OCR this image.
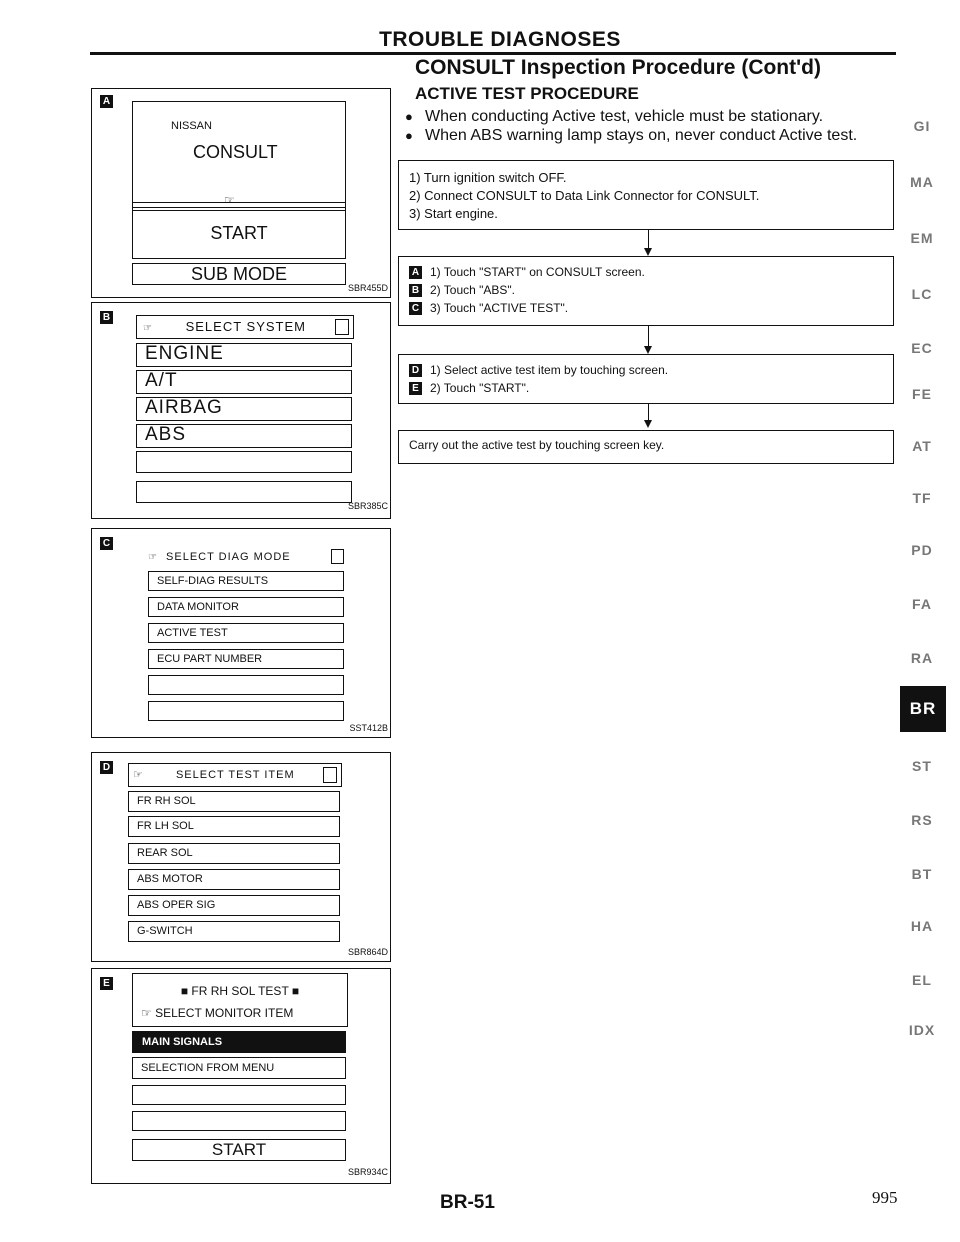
TROUBLE DIAGNOSES
CONSULT Inspection Procedure (Cont'd)
ACTIVE TEST PROCEDURE
● When conducting Active test, vehicle must be stationary.
● When ABS warning lamp stays on, never conduct Active test.
A
NISSAN
CONSULT
☞
START
SUB MODE
SBR455D
B
☞	SELECT SYSTEM
ENGINE
A/T
AIRBAG
ABS
SBR385C
C
☞ SELECT DIAG MODE
SELF-DIAG RESULTS
DATA MONITOR
ACTIVE TEST
ECU PART NUMBER
SST412B
D
☞	SELECT TEST ITEM
FR RH SOL
FR LH SOL
REAR SOL
ABS MOTOR
ABS OPER SIG
G-SWITCH
SBR864D
E
■ FR RH SOL TEST ■
☞ SELECT MONITOR ITEM
MAIN SIGNALS
SELECTION FROM MENU
START
SBR934C
1) Turn ignition switch OFF.
2) Connect CONSULT to Data Link Connector for CONSULT.
3) Start engine.
A 1) Touch "START" on CONSULT screen.
B 2) Touch "ABS".
C 3) Touch "ACTIVE TEST".
D 1) Select active test item by touching screen.
E 2) Touch "START".
Carry out the active test by touching screen key.
GI
MA
EM
LC
EC
FE
AT
TF
PD
FA
RA
BR
ST
RS
BT
HA
EL
IDX
BR-51	995
